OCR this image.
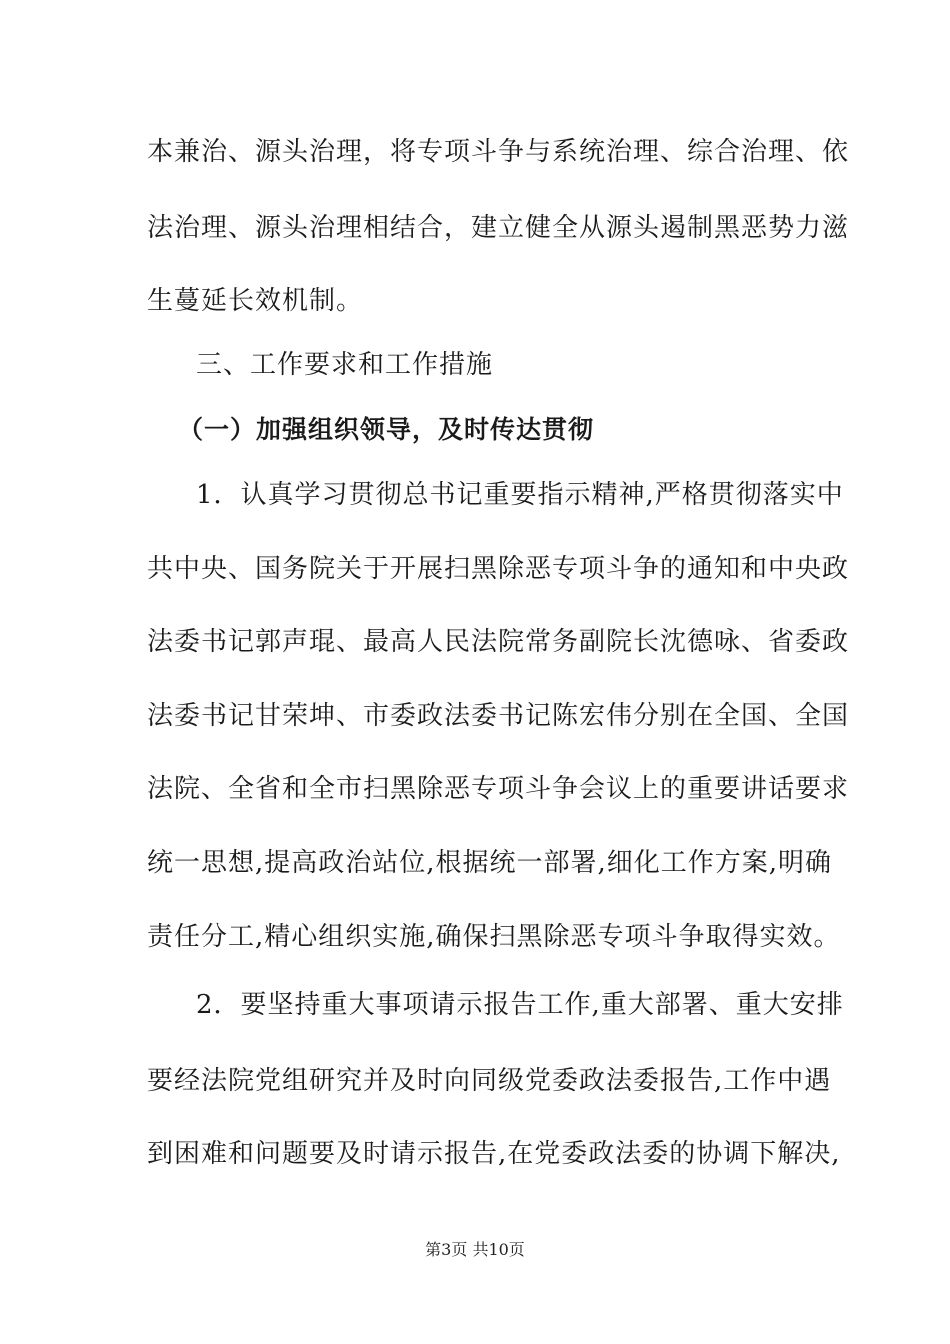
本兼治、源头治理，将专项斗争与系统治理、综合治理、依
法治理、源头治理相结合，建立健全从源头遏制黑恶势力滋
生蔓延长效机制。
三、工作要求和工作措施
（一）加强组织领导，及时传达贯彻
1．认真学习贯彻总书记重要指示精神,严格贯彻落实中
共中央、国务院关于开展扫黑除恶专项斗争的通知和中央政
法委书记郭声琨、最高人民法院常务副院长沈德咏、省委政
法委书记甘荣坤、市委政法委书记陈宏伟分别在全国、全国
法院、全省和全市扫黑除恶专项斗争会议上的重要讲话要求
统一思想,提高政治站位,根据统一部署,细化工作方案,明确
责任分工,精心组织实施,确保扫黑除恶专项斗争取得实效。
2．要坚持重大事项请示报告工作,重大部署、重大安排
要经法院党组研究并及时向同级党委政法委报告,工作中遇
到困难和问题要及时请示报告,在党委政法委的协调下解决,
第3页 共10页
